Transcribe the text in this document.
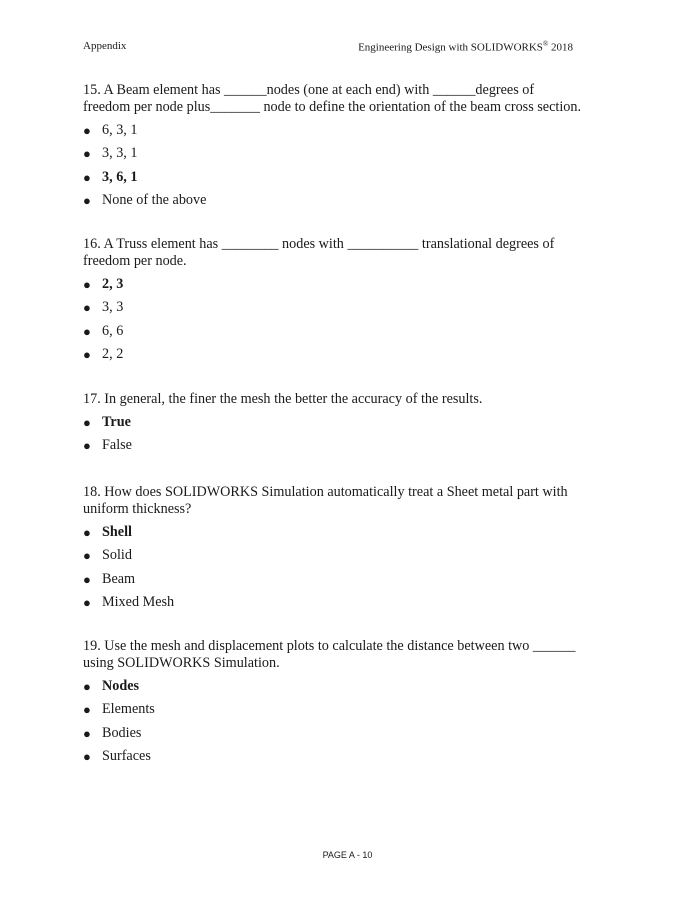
Appendix	Engineering Design with SOLIDWORKS® 2018

15. A Beam element has ______nodes (one at each end) with ______degrees of freedom per node plus_______ node to define the orientation of the beam cross section.

● 6, 3, 1
● 3, 3, 1
● 3, 6, 1
● None of the above

16. A Truss element has ________ nodes with __________ translational degrees of freedom per node.

● 2, 3
● 3, 3
● 6, 6
● 2, 2

17. In general, the finer the mesh the better the accuracy of the results.

● True
● False

18. How does SOLIDWORKS Simulation automatically treat a Sheet metal part with uniform thickness?

● Shell
● Solid
● Beam
● Mixed Mesh

19. Use the mesh and displacement plots to calculate the distance between two ______ using SOLIDWORKS Simulation.

● Nodes
● Elements
● Bodies
● Surfaces
PAGE A - 10
